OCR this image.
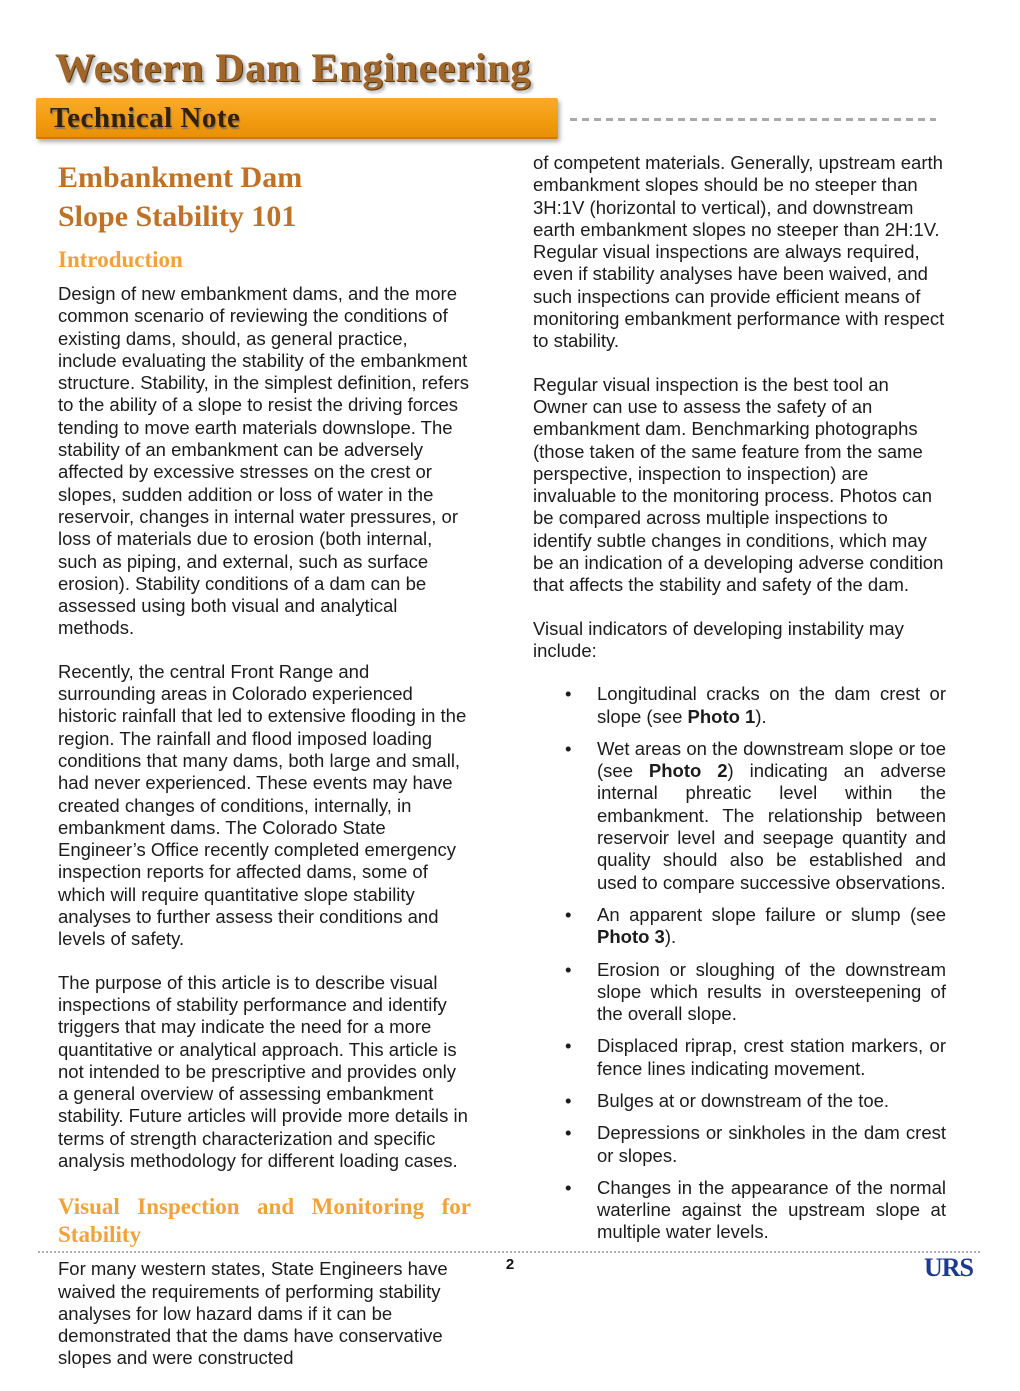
Western Dam Engineering
Technical Note
Embankment Dam
Slope Stability 101
Introduction

Design of new embankment dams, and the more common scenario of reviewing the conditions of existing dams, should, as general practice, include evaluating the stability of the embankment structure. Stability, in the simplest definition, refers to the ability of a slope to resist the driving forces tending to move earth materials downslope. The stability of an embankment can be adversely affected by excessive stresses on the crest or slopes, sudden addition or loss of water in the reservoir, changes in internal water pressures, or loss of materials due to erosion (both internal, such as piping, and external, such as surface erosion). Stability conditions of a dam can be assessed using both visual and analytical methods.

Recently, the central Front Range and surrounding areas in Colorado experienced historic rainfall that led to extensive flooding in the region. The rainfall and flood imposed loading conditions that many dams, both large and small, had never experienced. These events may have created changes of conditions, internally, in embankment dams. The Colorado State Engineer’s Office recently completed emergency inspection reports for affected dams, some of which will require quantitative slope stability analyses to further assess their conditions and levels of safety.

The purpose of this article is to describe visual inspections of stability performance and identify triggers that may indicate the need for a more quantitative or analytical approach. This article is not intended to be prescriptive and provides only a general overview of assessing embankment stability. Future articles will provide more details in terms of strength characterization and specific analysis methodology for different loading cases.

Visual Inspection and Monitoring for Stability

For many western states, State Engineers have waived the requirements of performing stability analyses for low hazard dams if it can be demonstrated that the dams have conservative slopes and were constructed

of competent materials. Generally, upstream earth embankment slopes should be no steeper than 3H:1V (horizontal to vertical), and downstream earth embankment slopes no steeper than 2H:1V. Regular visual inspections are always required, even if stability analyses have been waived, and such inspections can provide efficient means of monitoring embankment performance with respect to stability.

Regular visual inspection is the best tool an Owner can use to assess the safety of an embankment dam. Benchmarking photographs (those taken of the same feature from the same perspective, inspection to inspection) are invaluable to the monitoring process. Photos can be compared across multiple inspections to identify subtle changes in conditions, which may be an indication of a developing adverse condition that affects the stability and safety of the dam.

Visual indicators of developing instability may include:

• Longitudinal cracks on the dam crest or slope (see Photo 1).
• Wet areas on the downstream slope or toe (see Photo 2) indicating an adverse internal phreatic level within the embankment. The relationship between reservoir level and seepage quantity and quality should also be established and used to compare successive observations.
• An apparent slope failure or slump (see Photo 3).
• Erosion or sloughing of the downstream slope which results in oversteepening of the overall slope.
• Displaced riprap, crest station markers, or fence lines indicating movement.
• Bulges at or downstream of the toe.
• Depressions or sinkholes in the dam crest or slopes.
• Changes in the appearance of the normal waterline against the upstream slope at multiple water levels.
2	URS
